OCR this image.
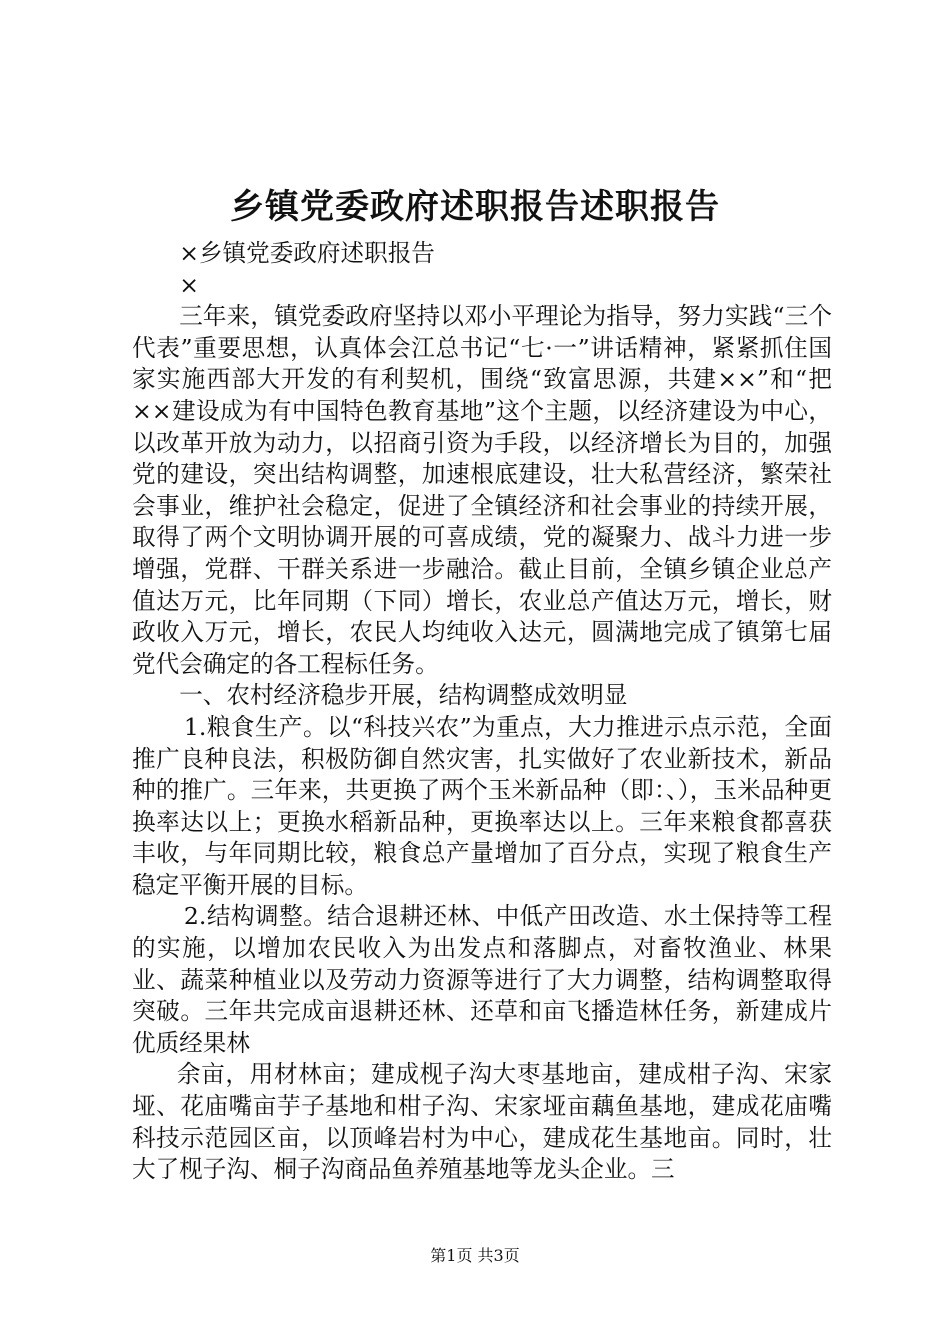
乡镇党委政府述职报告述职报告

×乡镇党委政府述职报告

×

三年来，镇党委政府坚持以邓小平理论为指导，努力实践“三个代表”重要思想，认真体会江总书记“七·一”讲话精神，紧紧抓住国家实施西部大开发的有利契机，围绕“致富思源，共建××”和“把××建设成为有中国特色教育基地”这个主题，以经济建设为中心，以改革开放为动力，以招商引资为手段，以经济增长为目的，加强党的建设，突出结构调整，加速根底建设，壮大私营经济，繁荣社会事业，维护社会稳定，促进了全镇经济和社会事业的持续开展，取得了两个文明协调开展的可喜成绩，党的凝聚力、战斗力进一步增强，党群、干群关系进一步融洽。截止目前，全镇乡镇企业总产值达万元，比年同期（下同）增长，农业总产值达万元，增长，财政收入万元，增长，农民人均纯收入达元，圆满地完成了镇第七届党代会确定的各工程标任务。

一、农村经济稳步开展，结构调整成效明显

1.粮食生产。以“科技兴农”为重点，大力推进示点示范，全面推广良种良法，积极防御自然灾害，扎实做好了农业新技术，新品种的推广。三年来，共更换了两个玉米新品种（即：、），玉米品种更换率达以上；更换水稻新品种，更换率达以上。三年来粮食都喜获丰收，与年同期比较，粮食总产量增加了百分点，实现了粮食生产稳定平衡开展的目标。

2.结构调整。结合退耕还林、中低产田改造、水土保持等工程的实施，以增加农民收入为出发点和落脚点，对畜牧渔业、林果业、蔬菜种植业以及劳动力资源等进行了大力调整，结构调整取得突破。三年共完成亩退耕还林、还草和亩飞播造林任务，新建成片优质经果林

余亩，用材林亩；建成枧子沟大枣基地亩，建成柑子沟、宋家垭、花庙嘴亩芋子基地和柑子沟、宋家垭亩藕鱼基地，建成花庙嘴科技示范园区亩，以顶峰岩村为中心，建成花生基地亩。同时，壮大了枧子沟、桐子沟商品鱼养殖基地等龙头企业。三

第1页 共3页
